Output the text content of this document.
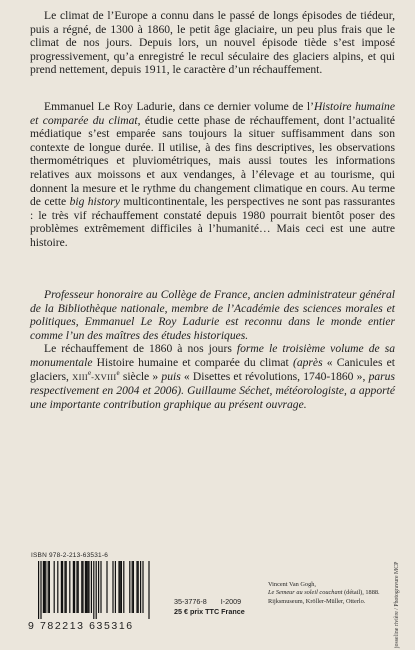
Le climat de l’Europe a connu dans le passé de longs épisodes de tiédeur, puis a régné, de 1300 à 1860, le petit âge glaciaire, un peu plus frais que le climat de nos jours. Depuis lors, un nouvel épisode tiède s’est imposé progressivement, qu’a enregistré le recul séculaire des glaciers alpins, et qui prend nettement, depuis 1911, le caractère d’un réchauffement.

Emmanuel Le Roy Ladurie, dans ce dernier volume de l’Histoire humaine et comparée du climat, étudie cette phase de réchauffement, dont l’actualité médiatique s’est emparée sans toujours la situer suffisamment dans son contexte de longue durée. Il utilise, à des fins descriptives, les observations thermométriques et pluviométriques, mais aussi toutes les informations relatives aux moissons et aux vendanges, à l’élevage et au tourisme, qui donnent la mesure et le rythme du changement climatique en cours. Au terme de cette big history multicontinentale, les perspectives ne sont pas rassurantes : le très vif réchauffement constaté depuis 1980 pourrait bientôt poser des problèmes extrêmement difficiles à l’humanité… Mais ceci est une autre histoire.

Professeur honoraire au Collège de France, ancien administrateur général de la Bibliothèque nationale, membre de l’Académie des sciences morales et politiques, Emmanuel Le Roy Ladurie est reconnu dans le monde entier comme l’un des maîtres des études historiques.

Le réchauffement de 1860 à nos jours forme le troisième volume de sa monumentale Histoire humaine et comparée du climat (après « Canicules et glaciers, XIIIe-XVIIIe siècle » puis « Disettes et révolutions, 1740-1860 », parus respectivement en 2004 et 2006). Guillaume Séchet, météorologiste, a apporté une importante contribution graphique au présent ouvrage.

ISBN 978-2-213-63531-6
9 782213 635316
35-3776-8 I-2009
25 € prix TTC France
Vincent Van Gogh,
Le Semeur au soleil couchant (détail), 1888.
Rijksmuseum, Kröller-Müller, Otterlo.	josseline rivière / Photogravure MCP
